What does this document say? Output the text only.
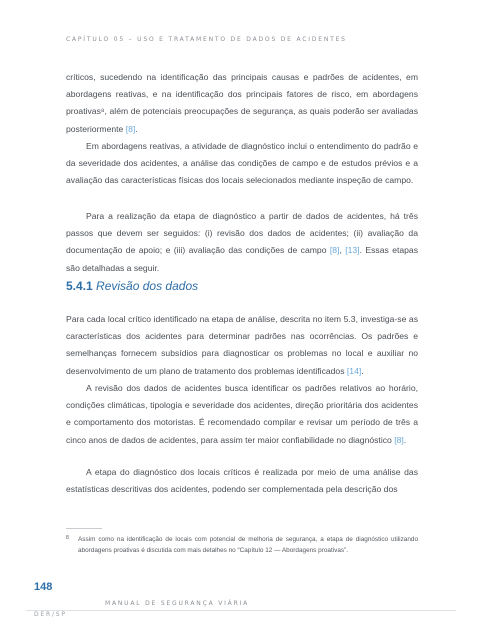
CAPÍTULO 05 – USO E TRATAMENTO DE DADOS DE ACIDENTES

críticos, sucedendo na identificação das principais causas e padrões de acidentes, em abordagens reativas, e na identificação dos principais fatores de risco, em abordagens proativas⁸, além de potenciais preocupações de segurança, as quais poderão ser avaliadas posteriormente [8].

Em abordagens reativas, a atividade de diagnóstico inclui o entendimento do padrão e da severidade dos acidentes, a análise das condições de campo e de estudos prévios e a avaliação das características físicas dos locais selecionados mediante inspeção de campo.

Para a realização da etapa de diagnóstico a partir de dados de acidentes, há três passos que devem ser seguidos: (i) revisão dos dados de acidentes; (ii) avaliação da documentação de apoio; e (iii) avaliação das condições de campo [8], [13]. Essas etapas são detalhadas a seguir.

5.4.1 Revisão dos dados

Para cada local crítico identificado na etapa de análise, descrita no item 5.3, investiga-se as características dos acidentes para determinar padrões nas ocorrências. Os padrões e semelhanças fornecem subsídios para diagnosticar os problemas no local e auxiliar no desenvolvimento de um plano de tratamento dos problemas identificados [14].

A revisão dos dados de acidentes busca identificar os padrões relativos ao horário, condições climáticas, tipologia e severidade dos acidentes, direção prioritária dos acidentes e comportamento dos motoristas. É recomendado compilar e revisar um período de três a cinco anos de dados de acidentes, para assim ter maior confiabilidade no diagnóstico [8].

A etapa do diagnóstico dos locais críticos é realizada por meio de uma análise das estatísticas descritivas dos acidentes, podendo ser complementada pela descrição dos

8 Assim como na identificação de locais com potencial de melhoria de segurança, a etapa de diagnóstico utilizando abordagens proativas é discutida com mais detalhes no “Capítulo 12 — Abordagens proativas”.

148
MANUAL DE SEGURANÇA VIÁRIA
DER/SP
